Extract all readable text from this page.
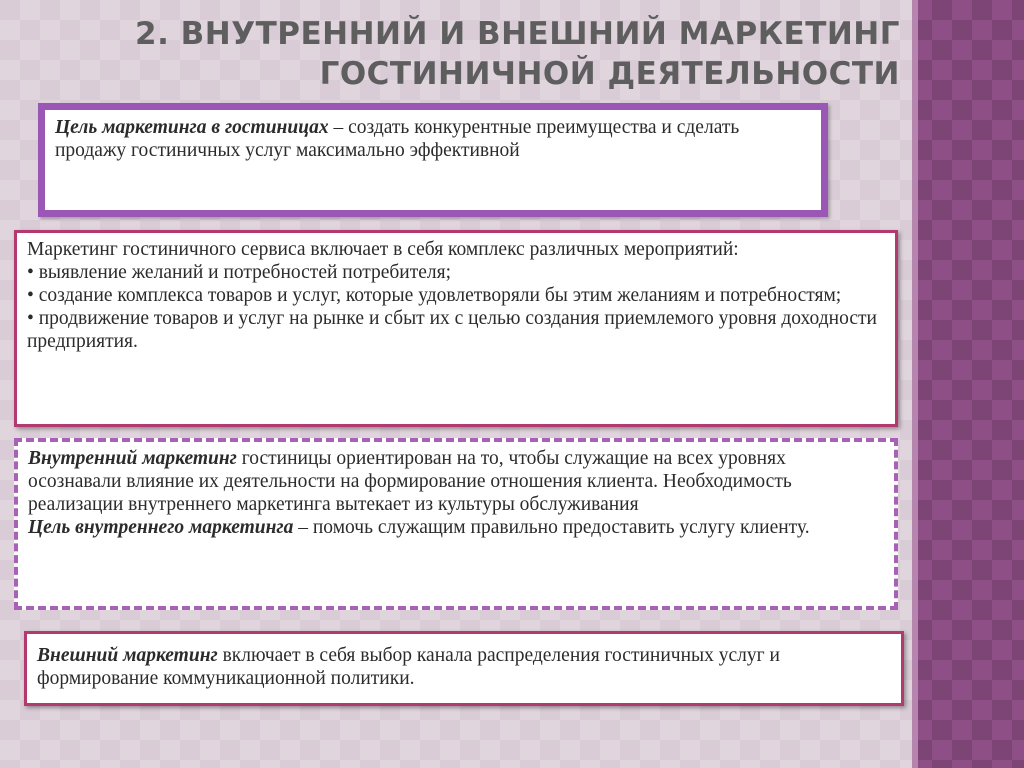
2. ВНУТРЕННИЙ И ВНЕШНИЙ МАРКЕТИНГ
ГОСТИНИЧНОЙ ДЕЯТЕЛЬНОСТИ

Цель маркетинга в гостиницах – создать конкурентные преимущества и сделать продажу гостиничных услуг максимально эффективной

Маркетинг гостиничного сервиса включает в себя комплекс различных мероприятий:

• выявление желаний и потребностей потребителя;

• создание комплекса товаров и услуг, которые удовлетворяли бы этим желаниям и потребностям;

• продвижение товаров и услуг на рынке и сбыт их с целью создания приемлемого уровня доходности предприятия.

Внутренний маркетинг гостиницы ориентирован на то, чтобы служащие на всех уровнях осознавали влияние их деятельности на формирование отношения клиента. Необходимость реализации внутреннего маркетинга вытекает из культуры обслуживания

Цель внутреннего маркетинга – помочь служащим правильно предоставить услугу клиенту.

Внешний маркетинг включает в себя выбор канала распределения гостиничных услуг и формирование коммуникационной политики.
